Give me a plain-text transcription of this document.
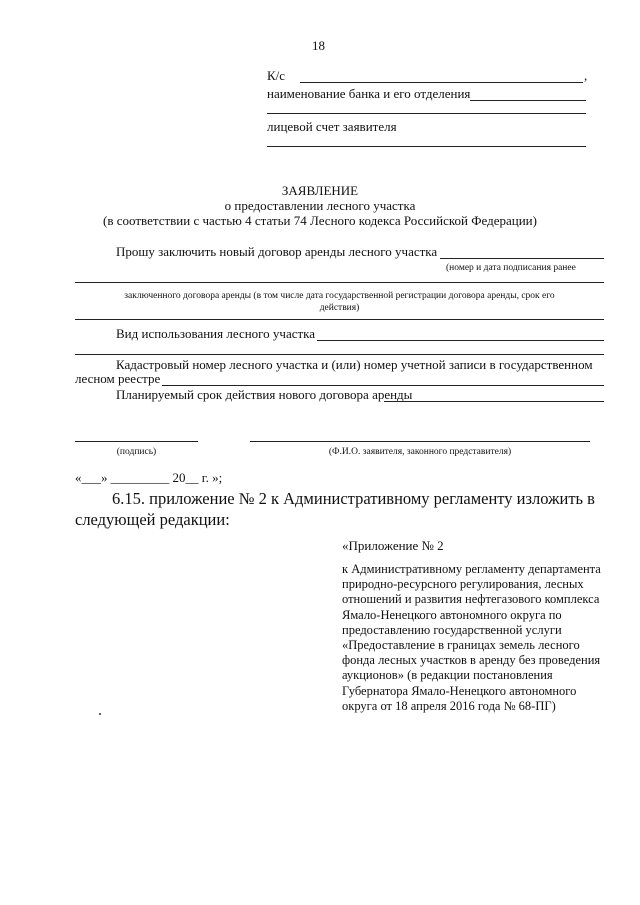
18
К/с	,
наименование банка и его отделения
лицевой счет заявителя
ЗАЯВЛЕНИЕ
о предоставлении лесного участка
(в соответствии с частью 4 статьи 74 Лесного кодекса Российской Федерации)
Прошу заключить новый договор аренды лесного участка
(номер и дата подписания ранее
заключенного договора аренды (в том числе дата государственной регистрации договора аренды, срок его
действия)
Вид использования лесного участка
Кадастровый номер лесного участка и (или) номер учетной записи в государственном
лесном реестре
Планируемый срок действия нового договора аренды
(подпись)	(Ф.И.О. заявителя, законного представителя)
«___» _________ 20__ г. »;
6.15. приложение № 2 к Административному регламенту изложить в
следующей редакции:
«Приложение № 2
к Административному регламенту департамента природно-ресурсного регулирования, лесных отношений и развития нефтегазового комплекса Ямало-Ненецкого автономного округа по предоставлению государственной услуги «Предоставление в границах земель лесного фонда лесных участков в аренду без проведения аукционов» (в редакции постановления Губернатора Ямало-Ненецкого автономного округа от 18 апреля 2016 года № 68-ПГ)
